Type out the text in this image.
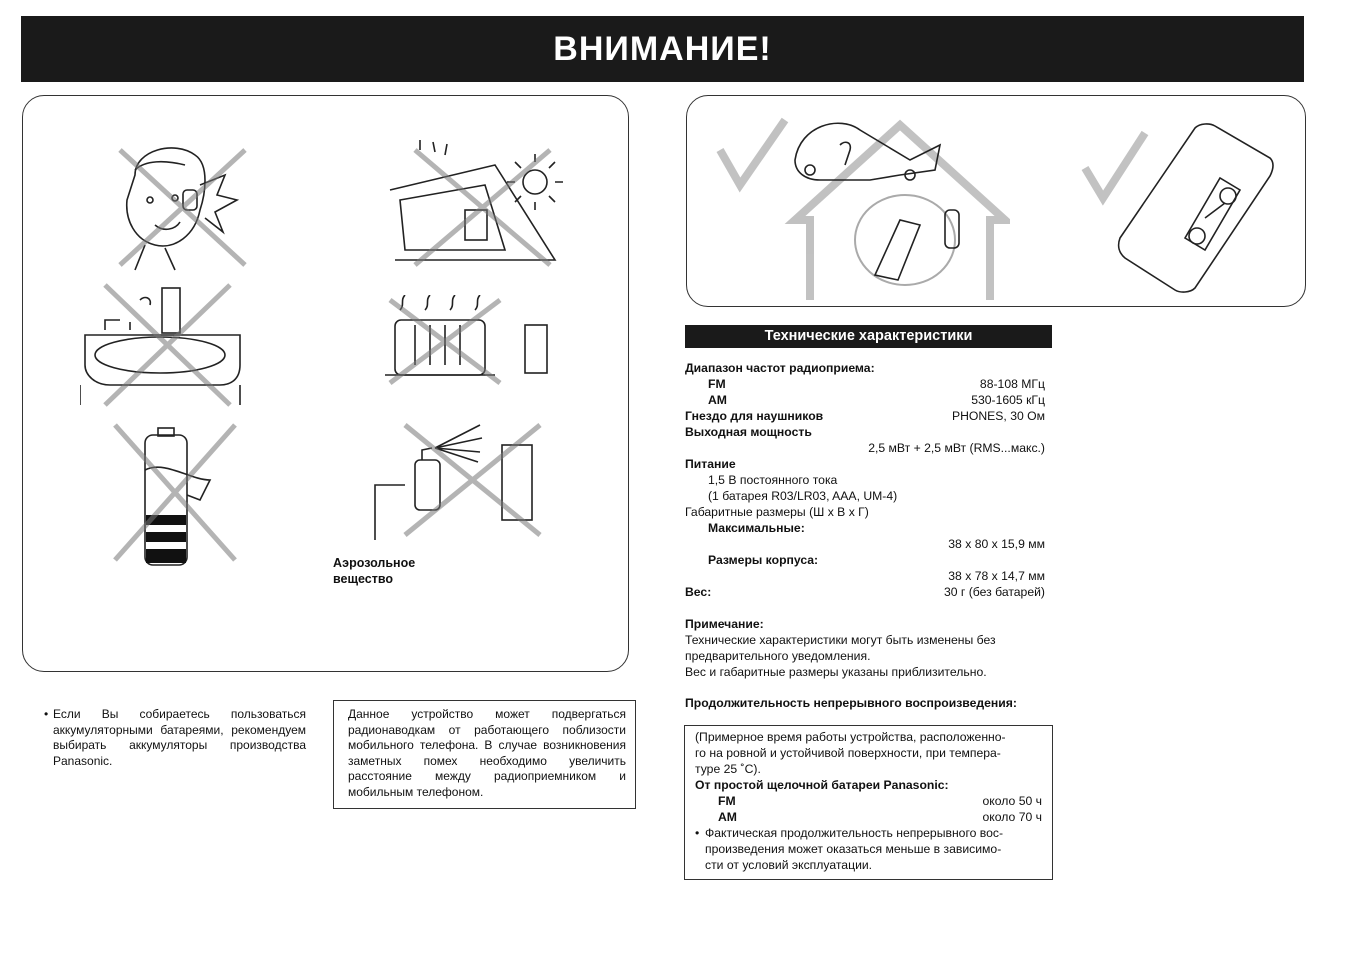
ВНИМАНИЕ!
Аэрозольное
вещество
• Если Вы собираетесь пользоваться аккумуляторными батареями, рекомендуем выбирать аккумуляторы производства Panasonic.
Данное устройство может подвергаться радионаводкам от работающего поблизости мобильного телефона. В случае возникновения заметных помех необходимо увеличить расстояние между радиоприемником и мобильным телефоном.
Технические характеристики
Диапазон частот радиоприема:
FM	88-108 МГц
AM	530-1605 кГц
Гнездо для наушников	PHONES, 30 Ом
Выходная мощность
2,5 мВт + 2,5 мВт (RMS...макс.)
Питание
1,5 В постоянного тока
(1 батарея R03/LR03, AAA, UM-4)
Габаритные размеры (Ш x В x Г)
Максимальные:
38 x 80 x 15,9 мм
Размеры корпуса:
38 x 78 x 14,7 мм
Вес:	30 г (без батарей)
Примечание:
Технические характеристики могут быть изменены без
предварительного уведомления.
Вес и габаритные размеры указаны приблизительно.
Продолжительность непрерывного воспроизведения:
(Примерное время работы устройства, расположенно-
го на ровной и устойчивой поверхности, при темпера-
туре 25 ˚C).
От простой щелочной батареи Panasonic:
FM	около 50 ч
AM	около 70 ч
• Фактическая продолжительность непрерывного вос-
произведения может оказаться меньше в зависимо-
сти от условий эксплуатации.
